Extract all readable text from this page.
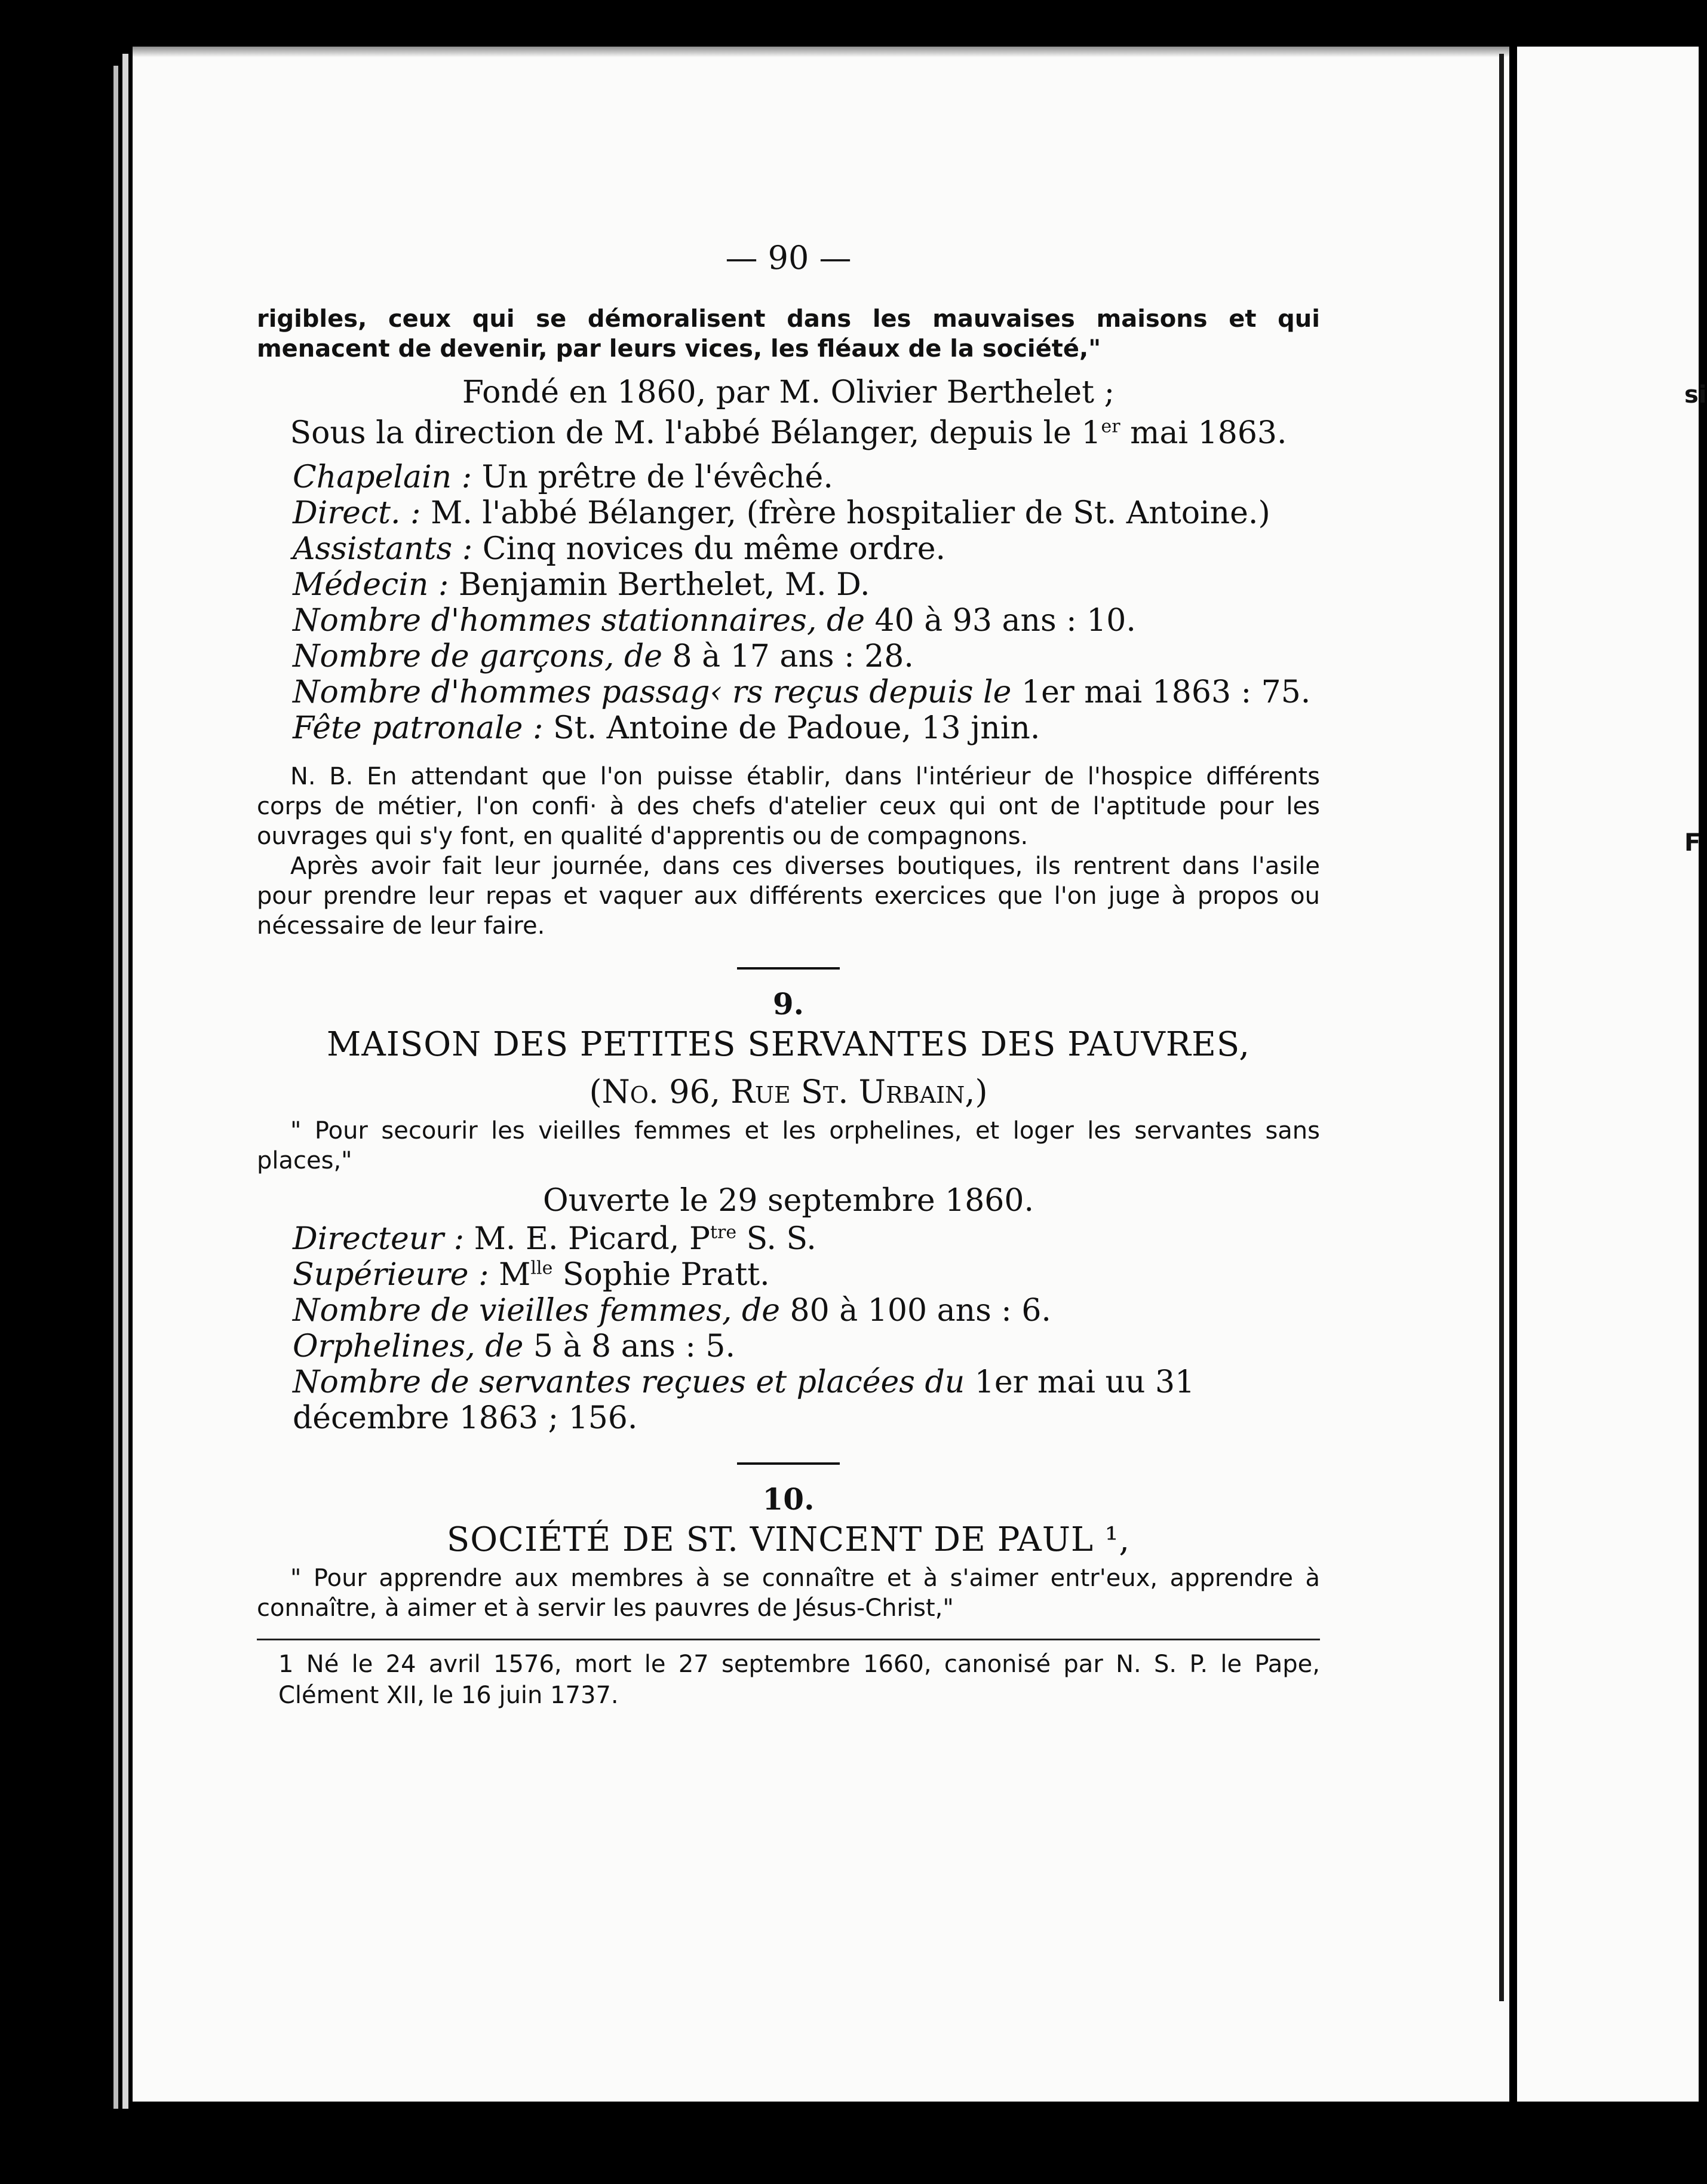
si
F
— 90 —
rigibles, ceux qui se démoralisent dans les mauvaises maisons et qui menacent de devenir, par leurs vices, les fléaux de la société,"
Fondé en 1860, par M. Olivier Berthelet ;
Sous la direction de M. l'abbé Bélanger, depuis le 1er mai 1863.
Chapelain : Un prêtre de l'évêché.
Direct. : M. l'abbé Bélanger, (frère hospitalier de St. Antoine.)
Assistants : Cinq novices du même ordre.
Médecin : Benjamin Berthelet, M. D.
Nombre d'hommes stationnaires, de 40 à 93 ans : 10.
Nombre de garçons, de 8 à 17 ans : 28.
Nombre d'hommes passag‹ rs reçus depuis le 1er mai 1863 : 75.
Fête patronale : St. Antoine de Padoue, 13 jnin.
N. B. En attendant que l'on puisse établir, dans l'intérieur de l'hospice différents corps de métier, l'on confi· à des chefs d'atelier ceux qui ont de l'aptitude pour les ouvrages qui s'y font, en qualité d'apprentis ou de compagnons.
Après avoir fait leur journée, dans ces diverses boutiques, ils rentrent dans l'asile pour prendre leur repas et vaquer aux différents exercices que l'on juge à propos ou nécessaire de leur faire.
9.
MAISON DES PETITES SERVANTES DES PAUVRES,
(No. 96, Rue St. Urbain,)
" Pour secourir les vieilles femmes et les orphelines, et loger les servantes sans places,"
Ouverte le 29 septembre 1860.
Directeur : M. E. Picard, $P^{tre}$ S. S.
Supérieure : $M^{lle}$ Sophie Pratt.
Nombre de vieilles femmes, de 80 à 100 ans : 6.
Orphelines, de 5 à 8 ans : 5.
Nombre de servantes reçues et placées du 1er mai uu 31 décembre 1863 ; 156.
10.
SOCIÉTÉ DE ST. VINCENT DE PAUL ¹,
" Pour apprendre aux membres à se connaître et à s'aimer entr'eux, apprendre à connaître, à aimer et à servir les pauvres de Jésus-Christ,"
1 Né le 24 avril 1576, mort le 27 septembre 1660, canonisé par N. S. P. le Pape, Clément XII, le 16 juin 1737.
